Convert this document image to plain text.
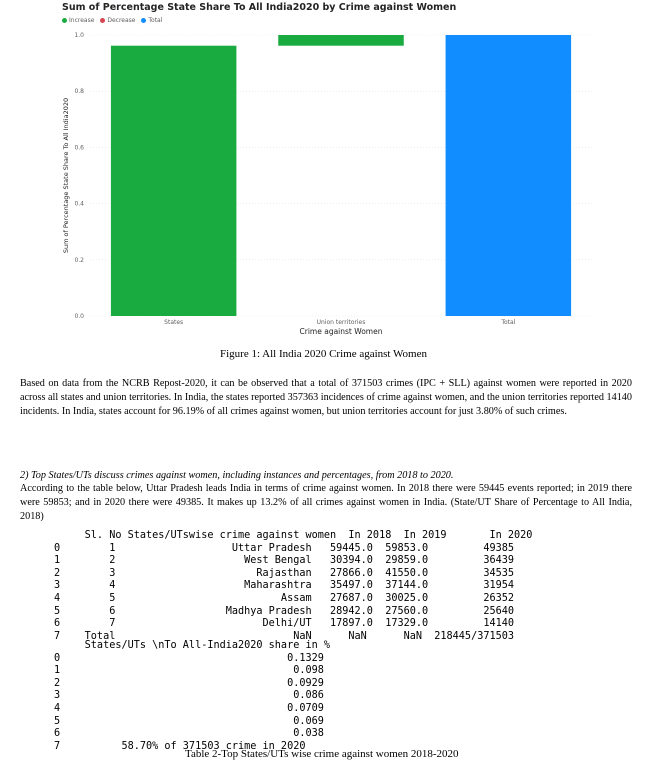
Sum of Percentage State Share To All India2020 by Crime against Women
Increase Decrease Total
0.0
0.2
0.4
0.6
0.8
1.0
States	Union territories	Total
Crime against Women
Sum of Percentage State Share To All India2020
Figure 1: All India 2020 Crime against Women
Based on data from the NCRB Repost-2020, it can be observed that a total of 371503 crimes (IPC + SLL) against women were reported in 2020 across all states and union territories. In India, the states reported 357363 incidences of crime against women, and the union territories reported 14140 incidents. In India, states account for 96.19% of all crimes against women, but union territories account for just 3.80% of such crimes.
2) Top States/UTs discuss crimes against women, including instances and percentages, from 2018 to 2020.
According to the table below, Uttar Pradesh leads India in terms of crime against women. In 2018 there were 59445 events reported; in 2019 there were 59853; and in 2020 there were 49385. It makes up 13.2% of all crimes against women in India. (State/UT Share of Percentage to All India, 2018)
Sl. No States/UTswise crime against women  In 2018  In 2019       In 2020
0        1                   Uttar Pradesh   59445.0  59853.0         49385
1        2                     West Bengal   30394.0  29859.0         36439
2        3                       Rajasthan   27866.0  41550.0         34535
3        4                     Maharashtra   35497.0  37144.0         31954
4        5                           Assam   27687.0  30025.0         26352
5        6                  Madhya Pradesh   28942.0  27560.0         25640
6        7                        Delhi/UT   17897.0  17329.0         14140
7    Total                             NaN      NaN      NaN  218445/371503
States/UTs \nTo All-India2020 share in %
0                                     0.1329
1                                      0.098
2                                     0.0929
3                                      0.086
4                                     0.0709
5                                      0.069
6                                      0.038
7          58.70% of 371503 crime in 2020
Table 2-Top States/UTs wise crime against women 2018-2020
